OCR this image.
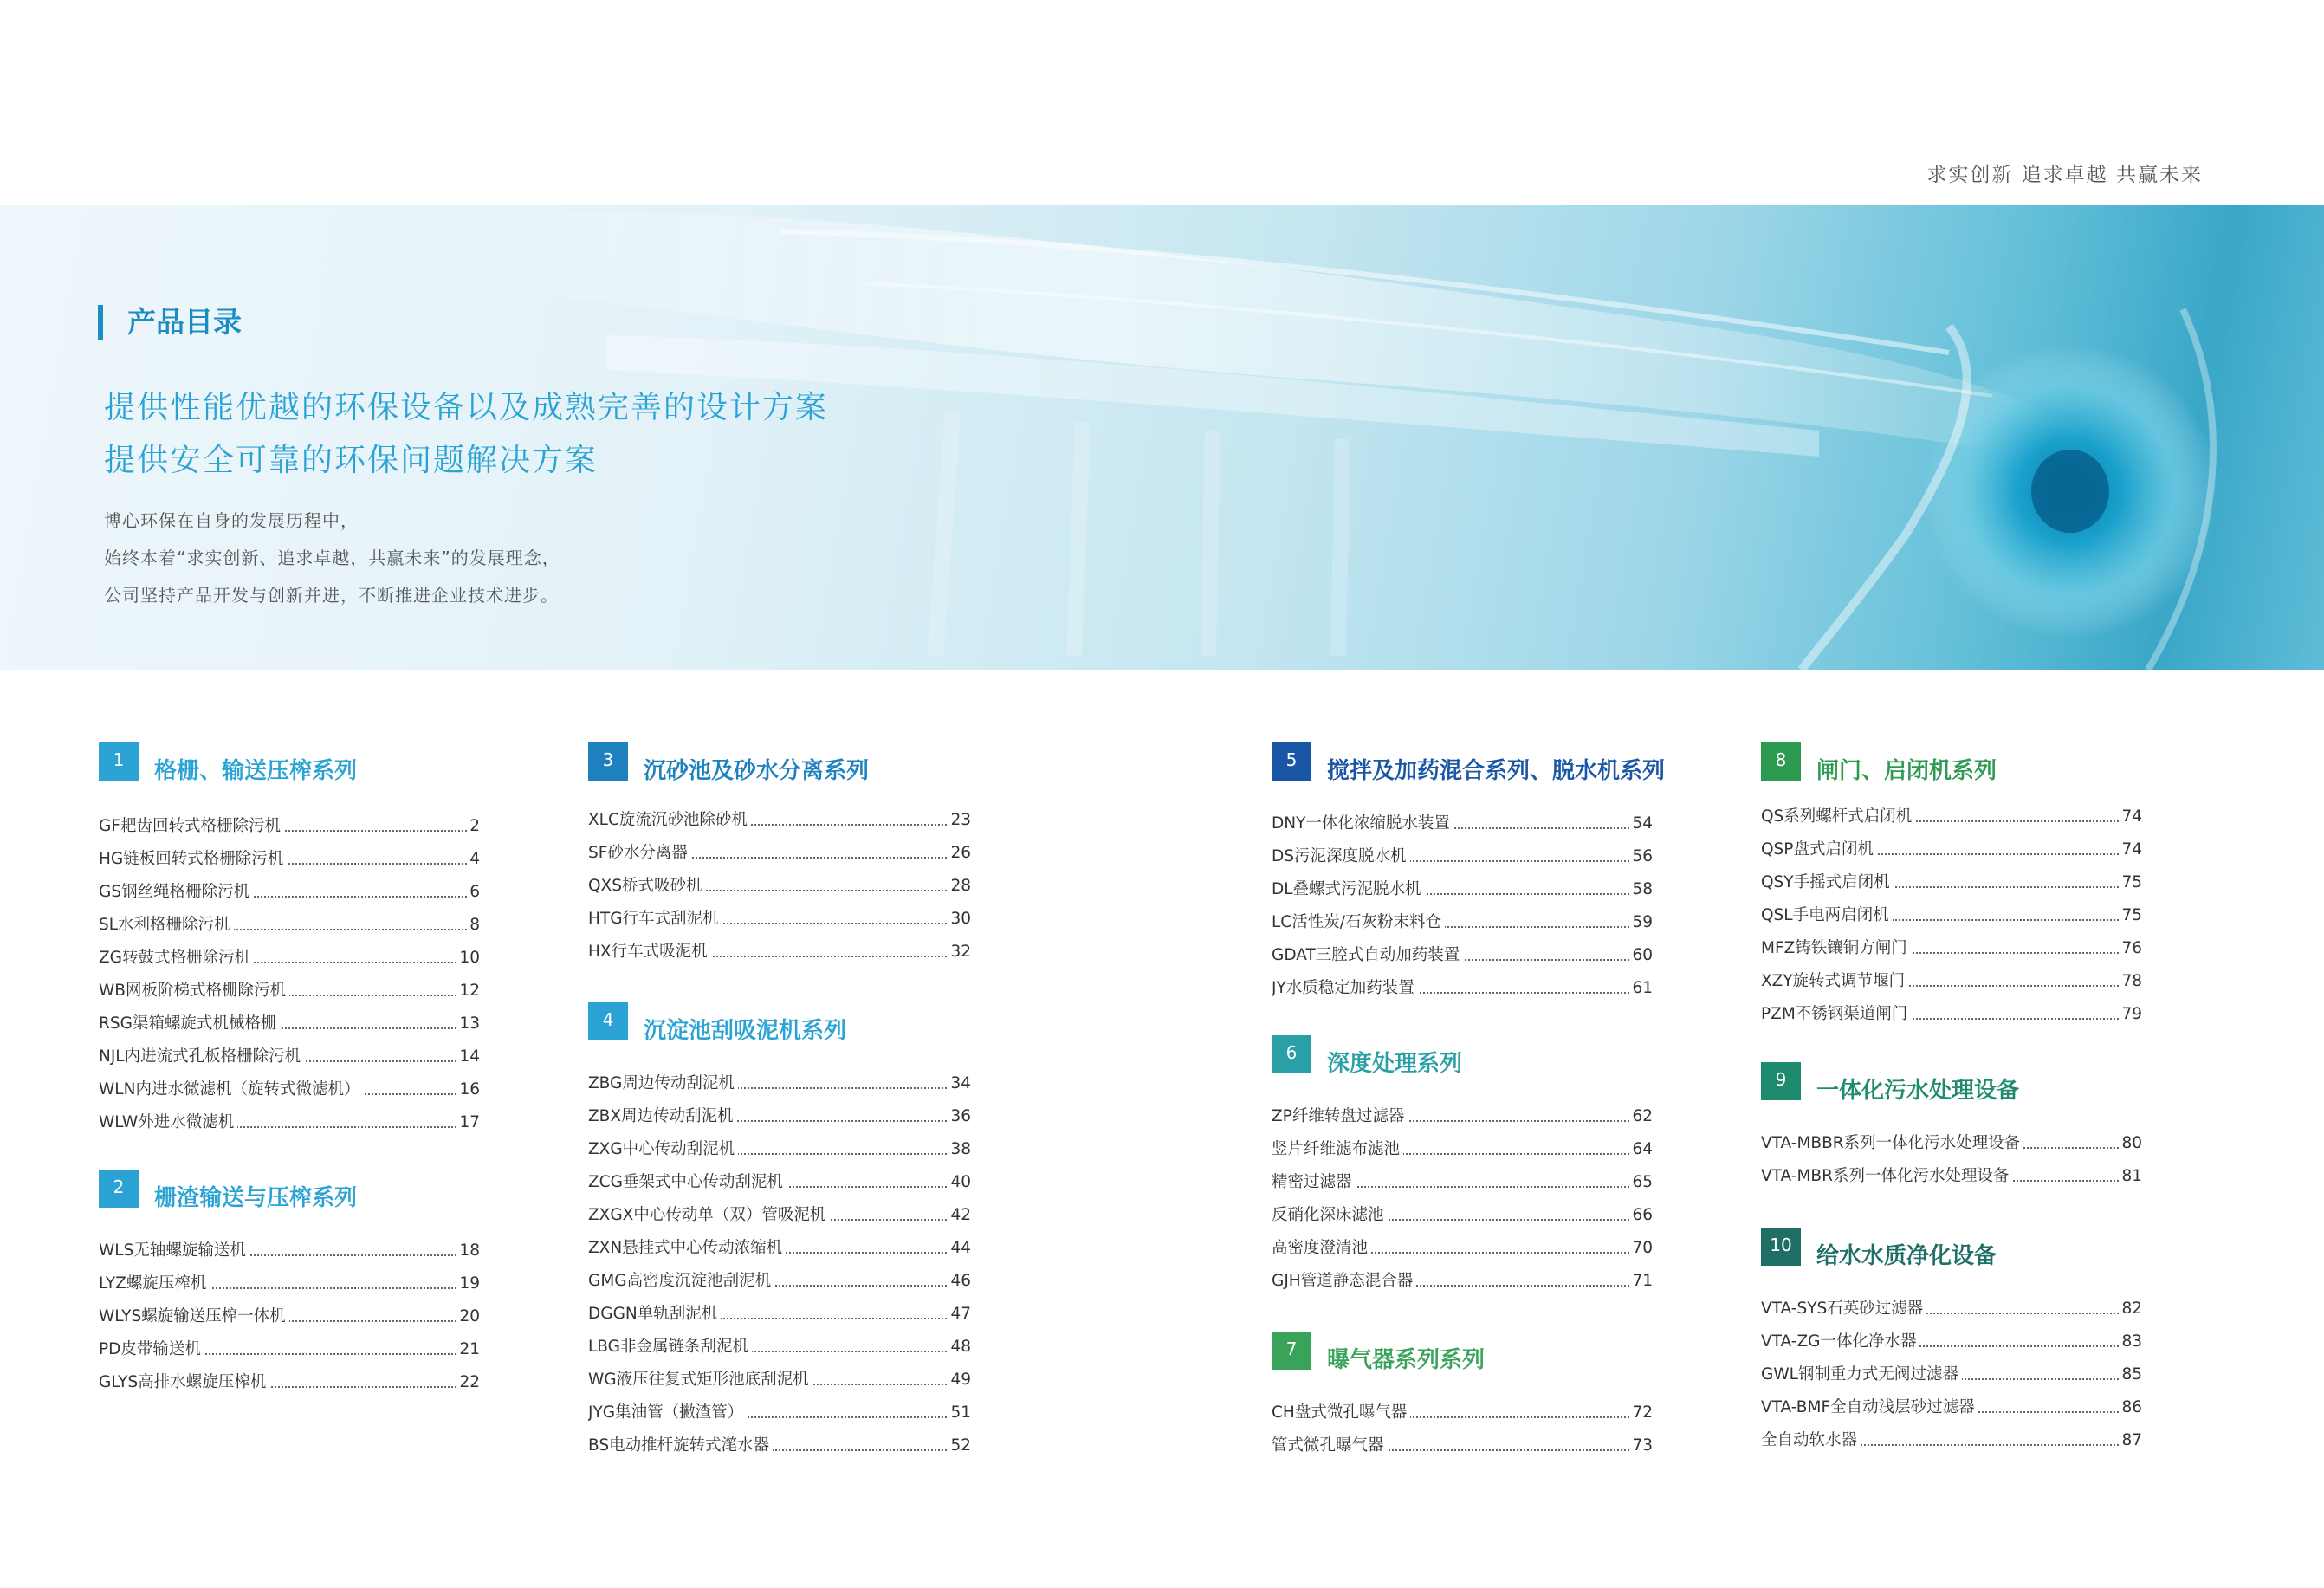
求实创新 追求卓越 共赢未来
产品目录
提供性能优越的环保设备以及成熟完善的设计方案
提供安全可靠的环保问题解决方案
博心环保在自身的发展历程中，
始终本着“求实创新、追求卓越，共赢未来”的发展理念，
公司坚持产品开发与创新并进，不断推进企业技术进步。
1	格栅、输送压榨系列
GF耙齿回转式格栅除污机	2
HG链板回转式格栅除污机	4
GS钢丝绳格栅除污机	6
SL水利格栅除污机	8
ZG转鼓式格栅除污机	10
WB网板阶梯式格栅除污机	12
RSG渠箱螺旋式机械格栅	13
NJL内进流式孔板格栅除污机	14
WLN内进水微滤机（旋转式微滤机）	16
WLW外进水微滤机	17
2	栅渣输送与压榨系列
WLS无轴螺旋输送机	18
LYZ螺旋压榨机	19
WLYS螺旋输送压榨一体机	20
PD皮带输送机	21
GLYS高排水螺旋压榨机	22
3	沉砂池及砂水分离系列
XLC旋流沉砂池除砂机	23
SF砂水分离器	26
QXS桥式吸砂机	28
HTG行车式刮泥机	30
HX行车式吸泥机	32
4	沉淀池刮吸泥机系列
ZBG周边传动刮泥机	34
ZBX周边传动刮泥机	36
ZXG中心传动刮泥机	38
ZCG垂架式中心传动刮泥机	40
ZXGX中心传动单（双）管吸泥机	42
ZXN悬挂式中心传动浓缩机	44
GMG高密度沉淀池刮泥机	46
DGGN单轨刮泥机	47
LBG非金属链条刮泥机	48
WG液压往复式矩形池底刮泥机	49
JYG集油管（撇渣管）	51
BS电动推杆旋转式滗水器	52
5	搅拌及加药混合系列、脱水机系列
DNY一体化浓缩脱水装置	54
DS污泥深度脱水机	56
DL叠螺式污泥脱水机	58
LC活性炭/石灰粉末料仓	59
GDAT三腔式自动加药装置	60
JY水质稳定加药装置	61
6	深度处理系列
ZP纤维转盘过滤器	62
竖片纤维滤布滤池	64
精密过滤器	65
反硝化深床滤池	66
高密度澄清池	70
GJH管道静态混合器	71
7	曝气器系列系列
CH盘式微孔曝气器	72
管式微孔曝气器	73
8	闸门、启闭机系列
QS系列螺杆式启闭机	74
QSP盘式启闭机	74
QSY手摇式启闭机	75
QSL手电两启闭机	75
MFZ铸铁镶铜方闸门	76
XZY旋转式调节堰门	78
PZM不锈钢渠道闸门	79
9	一体化污水处理设备
VTA-MBBR系列一体化污水处理设备	80
VTA-MBR系列一体化污水处理设备	81
10	给水水质净化设备
VTA-SYS石英砂过滤器	82
VTA-ZG一体化净水器	83
GWL钢制重力式无阀过滤器	85
VTA-BMF全自动浅层砂过滤器	86
全自动软水器	87
